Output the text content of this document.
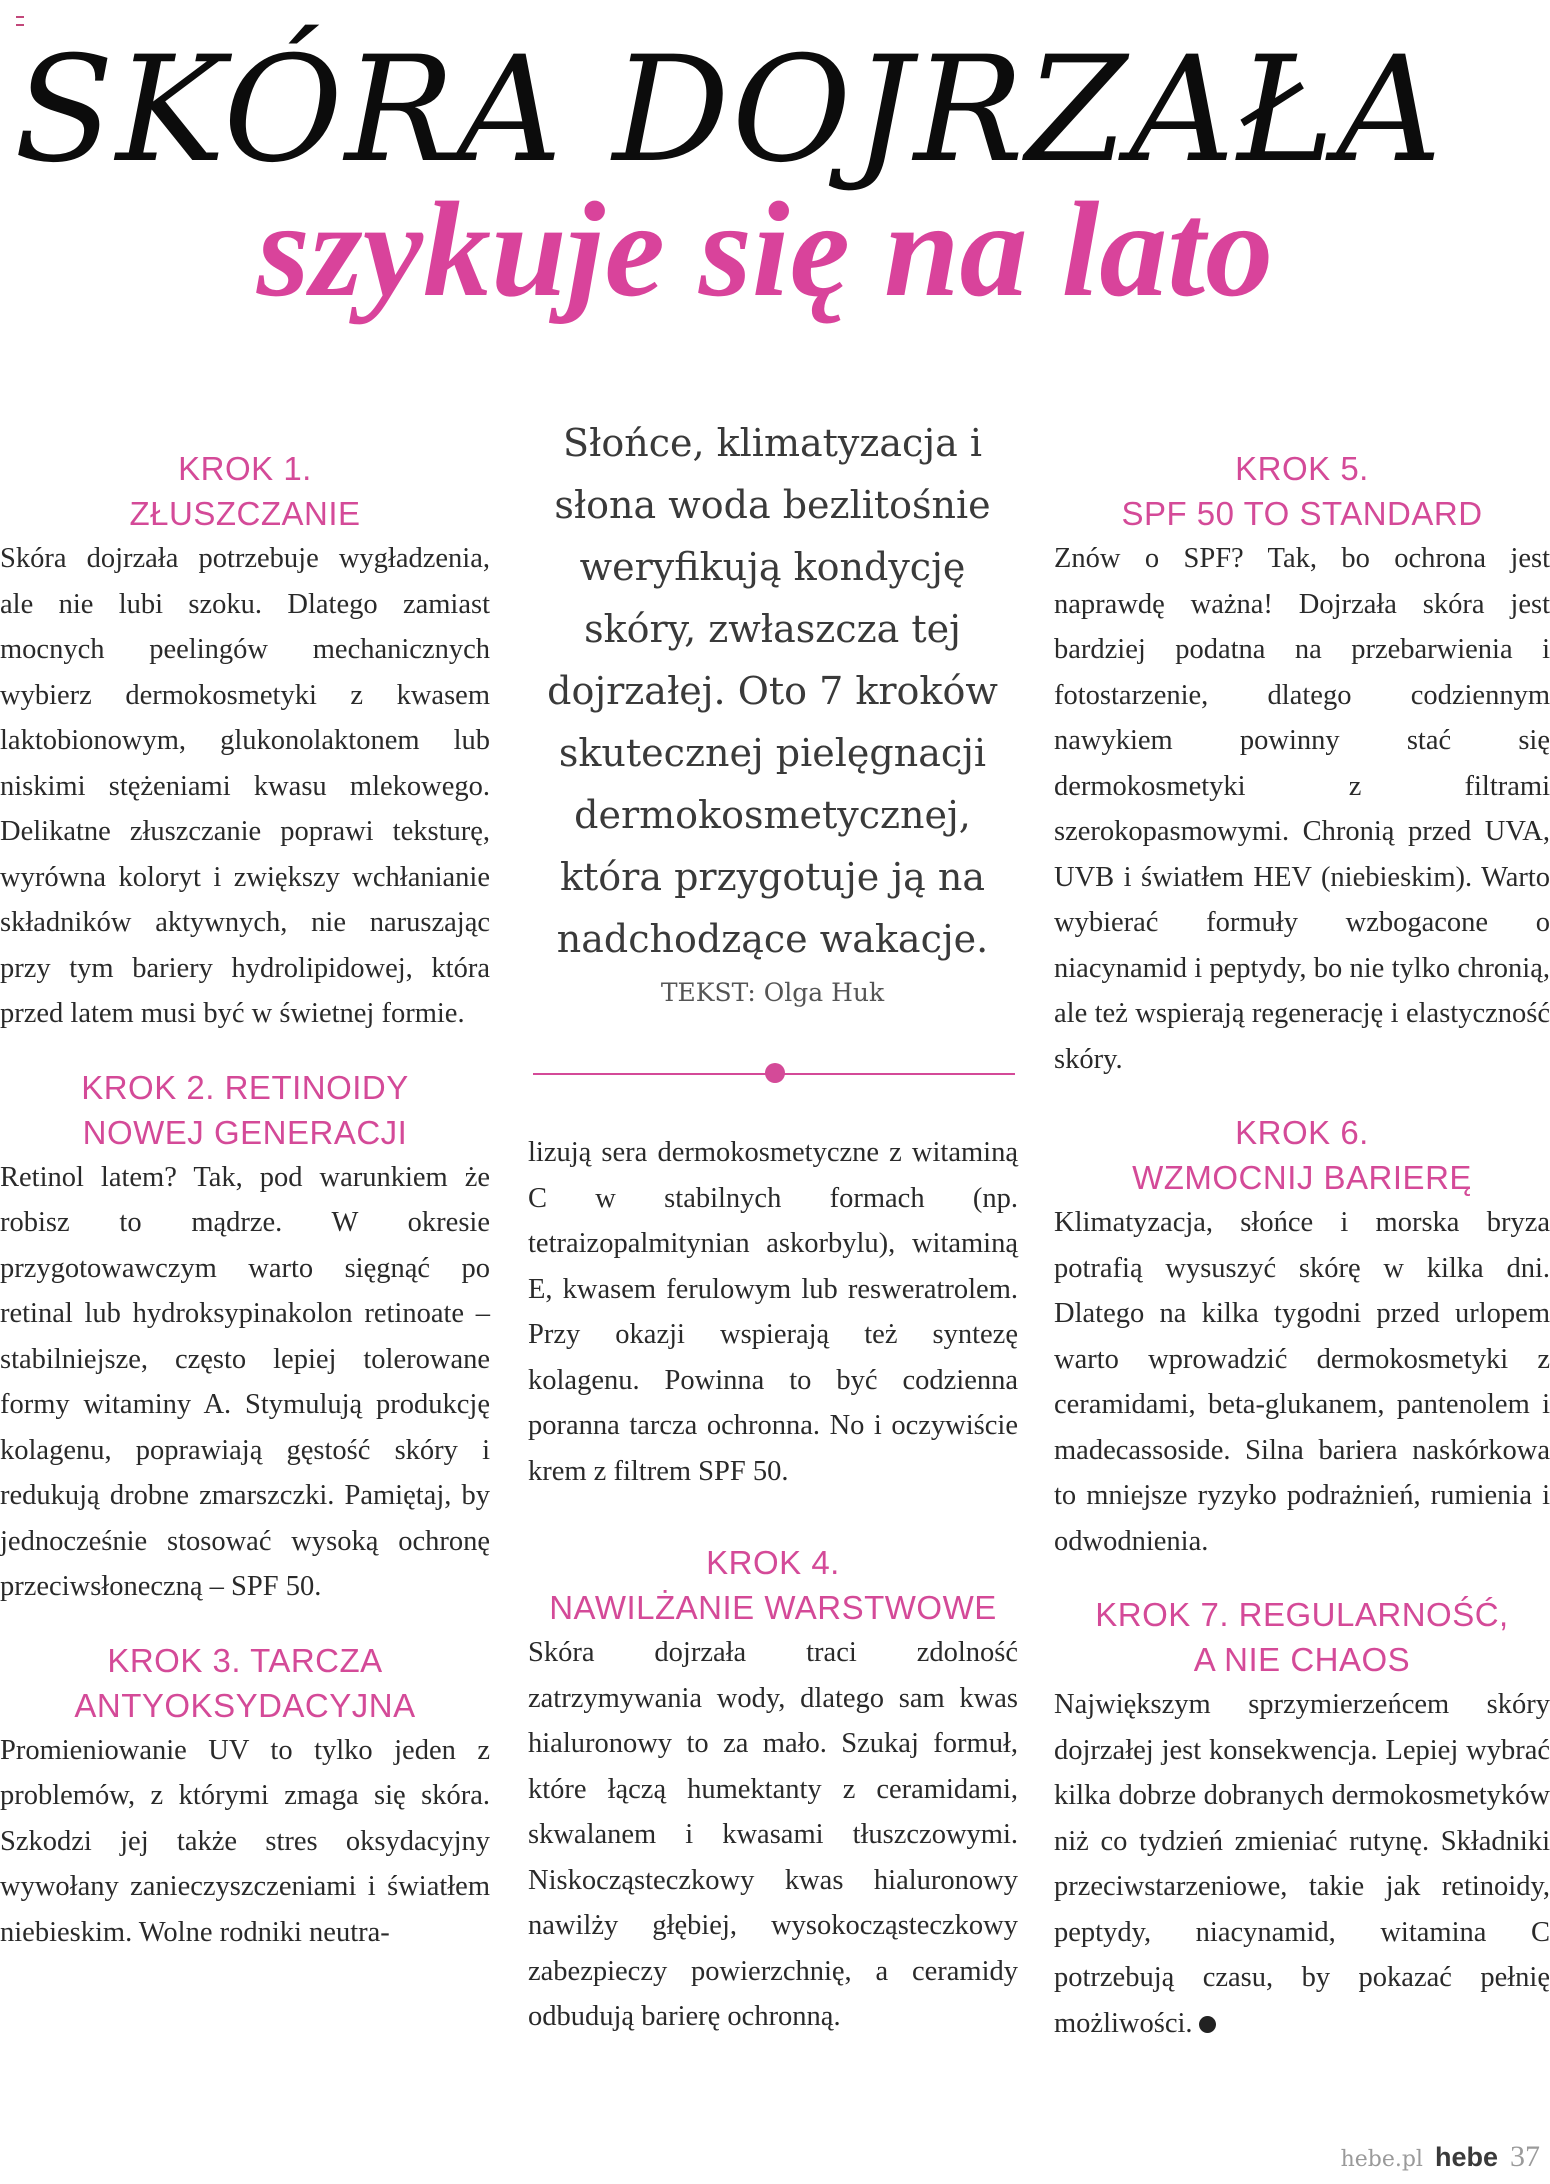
SKÓRA DOJRZAŁA
szykuje się na lato
KROK 1.
ZŁUSZCZANIE

Skóra dojrzała potrzebuje wygładzenia, ale nie lubi szoku. Dlatego zamiast mocnych peelingów mechanicznych wybierz dermokosmetyki z kwasem laktobionowym, glukonolaktonem lub niskimi stężeniami kwasu mlekowego. Delikatne złuszczanie poprawi teksturę, wyrówna koloryt i zwiększy wchłanianie składników aktywnych, nie naruszając przy tym bariery hydrolipidowej, która przed latem musi być w świetnej formie.

KROK 2. RETINOIDY
NOWEJ GENERACJI

Retinol latem? Tak, pod warunkiem że robisz to mądrze. W okresie przygotowawczym warto sięgnąć po retinal lub hydroksypinakolon retinoate – stabilniejsze, często lepiej tolerowane formy witaminy A. Stymulują produkcję kolagenu, poprawiają gęstość skóry i redukują drobne zmarszczki. Pamiętaj, by jednocześnie stosować wysoką ochronę przeciwsłoneczną – SPF 50.

KROK 3. TARCZA
ANTYOKSYDACYJNA

Promieniowanie UV to tylko jeden z problemów, z którymi zmaga się skóra. Szkodzi jej także stres oksydacyjny wywołany zanieczyszczeniami i światłem niebieskim. Wolne rodniki neutra-

Słońce, klimatyzacja i słona woda bezlitośnie weryfikują kondycję skóry, zwłaszcza tej dojrzałej. Oto 7 kroków skutecznej pielęgnacji dermokosmetycznej, która przygotuje ją na nadchodzące wakacje.

TEKST: Olga Huk

lizują sera dermokosmetyczne z witaminą C w stabilnych formach (np. tetraizopalmitynian askorbylu), witaminą E, kwasem ferulowym lub resweratrolem. Przy okazji wspierają też syntezę kolagenu. Powinna to być codzienna poranna tarcza ochronna. No i oczywiście krem z filtrem SPF 50.

KROK 4.
NAWILŻANIE WARSTWOWE

Skóra dojrzała traci zdolność zatrzymywania wody, dlatego sam kwas hialuronowy to za mało. Szukaj formuł, które łączą humektanty z ceramidami, skwalanem i kwasami tłuszczowymi. Niskocząsteczkowy kwas hialuronowy nawilży głębiej, wysokocząsteczkowy zabezpieczy powierzchnię, a ceramidy odbudują barierę ochronną.

KROK 5.
SPF 50 TO STANDARD

Znów o SPF? Tak, bo ochrona jest naprawdę ważna! Dojrzała skóra jest bardziej podatna na przebarwienia i fotostarzenie, dlatego codziennym nawykiem powinny stać się dermokosmetyki z filtrami szerokopasmowymi. Chronią przed UVA, UVB i światłem HEV (niebieskim). Warto wybierać formuły wzbogacone o niacynamid i peptydy, bo nie tylko chronią, ale też wspierają regenerację i elastyczność skóry.

KROK 6.
WZMOCNIJ BARIERĘ

Klimatyzacja, słońce i morska bryza potrafią wysuszyć skórę w kilka dni. Dlatego na kilka tygodni przed urlopem warto wprowadzić dermokosmetyki z ceramidami, beta-glukanem, pantenolem i madecassoside. Silna bariera naskórkowa to mniejsze ryzyko podrażnień, rumienia i odwodnienia.

KROK 7. REGULARNOŚĆ,
A NIE CHAOS

Największym sprzymierzeńcem skóry dojrzałej jest konsekwencja. Lepiej wybrać kilka dobrze dobranych dermokosmetyków niż co tydzień zmieniać rutynę. Składniki przeciwstarzeniowe, takie jak retinoidy, peptydy, niacynamid, witamina C potrzebują czasu, by pokazać pełnię możliwości.

hebe.pl hebe 37
